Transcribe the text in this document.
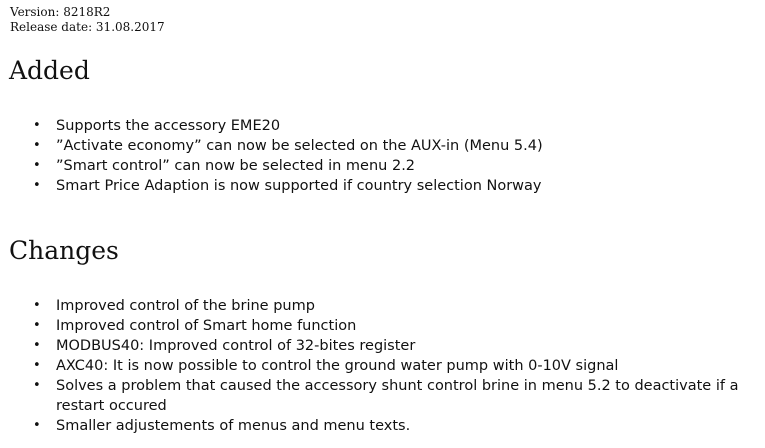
Version: 8218R2
Release date: 31.08.2017
Added
• Supports the accessory EME20
• ”Activate economy” can now be selected on the AUX-in (Menu 5.4)
• ”Smart control” can now be selected in menu 2.2
• Smart Price Adaption is now supported if country selection Norway
Changes
• Improved control of the brine pump
• Improved control of Smart home function
• MODBUS40: Improved control of 32-bites register
• AXC40: It is now possible to control the ground water pump with 0-10V signal
• Solves a problem that caused the accessory shunt control brine in menu 5.2 to deactivate if a restart occured
• Smaller adjustements of menus and menu texts.
